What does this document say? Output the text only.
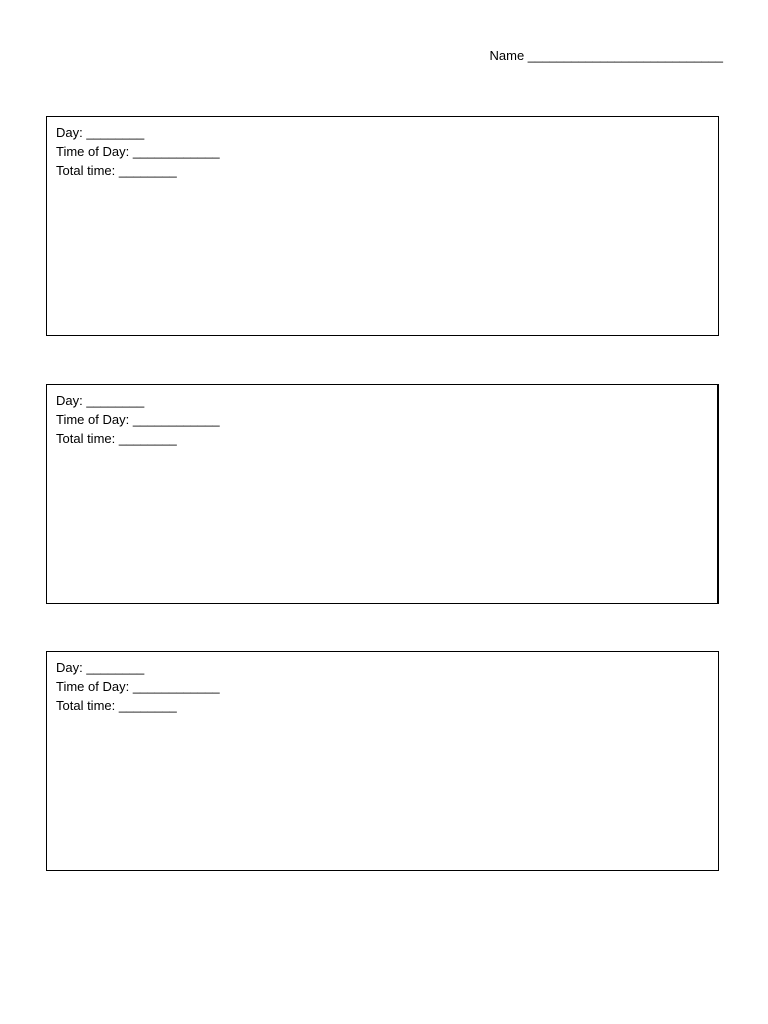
Name ___________________________
Day: ________
Time of Day: ____________
Total time: ________
Day: ________
Time of Day: ____________
Total time: ________
Day: ________
Time of Day: ____________
Total time: ________
